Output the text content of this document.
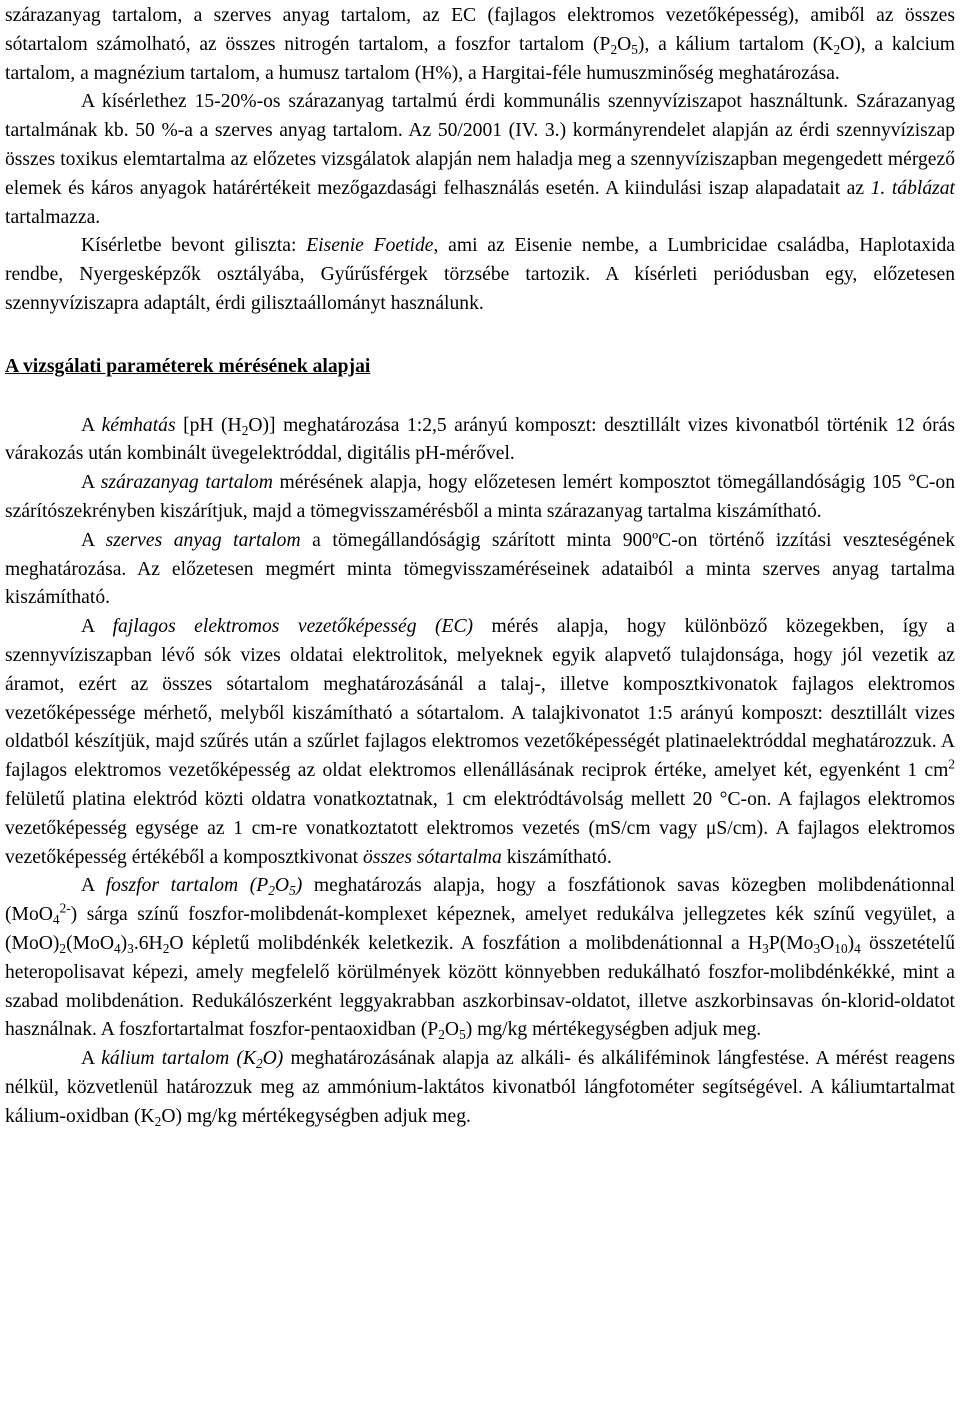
szárazanyag tartalom, a szerves anyag tartalom, az EC (fajlagos elektromos vezetőképesség), amiből az összes sótartalom számolható, az összes nitrogén tartalom, a foszfor tartalom $(P_2O_5)$, a kálium tartalom $(K_2O)$, a kalcium tartalom, a magnézium tartalom, a humusz tartalom (H%), a Hargitai-féle humuszminőség meghatározása.

A kísérlethez 15-20%-os szárazanyag tartalmú érdi kommunális szennyvíziszapot használtunk. Szárazanyag tartalmának kb. 50 %-a a szerves anyag tartalom. Az 50/2001 (IV. 3.) kormányrendelet alapján az érdi szennyvíziszap összes toxikus elemtartalma az előzetes vizsgálatok alapján nem haladja meg a szennyvíziszapban megengedett mérgező elemek és káros anyagok határértékeit mezőgazdasági felhasználás esetén. A kiindulási iszap alapadatait az 1. táblázat tartalmazza.

Kísérletbe bevont giliszta: Eisenie Foetide, ami az Eisenie nembe, a Lumbricidae családba, Haplotaxida rendbe, Nyergesképzők osztályába, Gyűrűsférgek törzsébe tartozik. A kísérleti periódusban egy, előzetesen szennyvíziszapra adaptált, érdi gilisztaállományt használunk.

A vizsgálati paraméterek mérésének alapjai

A kémhatás [pH $(H_2O)$] meghatározása 1:2,5 arányú komposzt: desztillált vizes kivonatból történik 12 órás várakozás után kombinált üvegelektróddal, digitális pH-mérővel.

A szárazanyag tartalom mérésének alapja, hogy előzetesen lemért komposztot tömegállandóságig 105 °C-on szárítószekrényben kiszárítjuk, majd a tömegvisszamérésből a minta szárazanyag tartalma kiszámítható.

A szerves anyag tartalom a tömegállandóságig szárított minta 900ºC-on történő izzítási veszteségének meghatározása. Az előzetesen megmért minta tömegvisszaméréseinek adataiból a minta szerves anyag tartalma kiszámítható.

A fajlagos elektromos vezetőképesség (EC) mérés alapja, hogy különböző közegekben, így a szennyvíziszapban lévő sók vizes oldatai elektrolitok, melyeknek egyik alapvető tulajdonsága, hogy jól vezetik az áramot, ezért az összes sótartalom meghatározásánál a talaj-, illetve komposztkivonatok fajlagos elektromos vezetőképessége mérhető, melyből kiszámítható a sótartalom. A talajkivonatot 1:5 arányú komposzt: desztillált vizes oldatból készítjük, majd szűrés után a szűrlet fajlagos elektromos vezetőképességét platinaelektróddal meghatározzuk. A fajlagos elektromos vezetőképesség az oldat elektromos ellenállásának reciprok értéke, amelyet két, egyenként 1 $cm^2$ felületű platina elektród közti oldatra vonatkoztatnak, 1 cm elektródtávolság mellett 20 °C-on. A fajlagos elektromos vezetőképesség egysége az 1 cm-re vonatkoztatott elektromos vezetés (mS/cm vagy μS/cm). A fajlagos elektromos vezetőképesség értékéből a komposztkivonat összes sótartalma kiszámítható.

A foszfor tartalom $(P_2O_5)$ meghatározás alapja, hogy a foszfátionok savas közegben molibdenátionnal (MoO$_4^{2-}$) sárga színű foszfor-molibdenát-komplexet képeznek, amelyet redukálva jellegzetes kék színű vegyület, a $(MoO)_2(MoO_4)_3.6H_2O$ képletű molibdénkék keletkezik. A foszfátion a molibdenátionnal a $H_3P(Mo_3O_{10})_4$ összetételű heteropolisavat képezi, amely megfelelő körülmények között könnyebben redukálható foszfor-molibdénkékké, mint a szabad molibdenátion. Redukálószerként leggyakrabban aszkorbinsav-oldatot, illetve aszkorbinsavas ón-klorid-oldatot használnak. A foszfortartalmat foszfor-pentaoxidban $(P_2O_5)$ mg/kg mértékegységben adjuk meg.

A kálium tartalom $(K_2O)$ meghatározásának alapja az alkáli- és alkáliféminok lángfestése. A mérést reagens nélkül, közvetlenül határozzuk meg az ammónium-laktátos kivonatból lángfotométer segítségével. A káliumtartalmat kálium-oxidban $(K_2O)$ mg/kg mértékegységben adjuk meg.
